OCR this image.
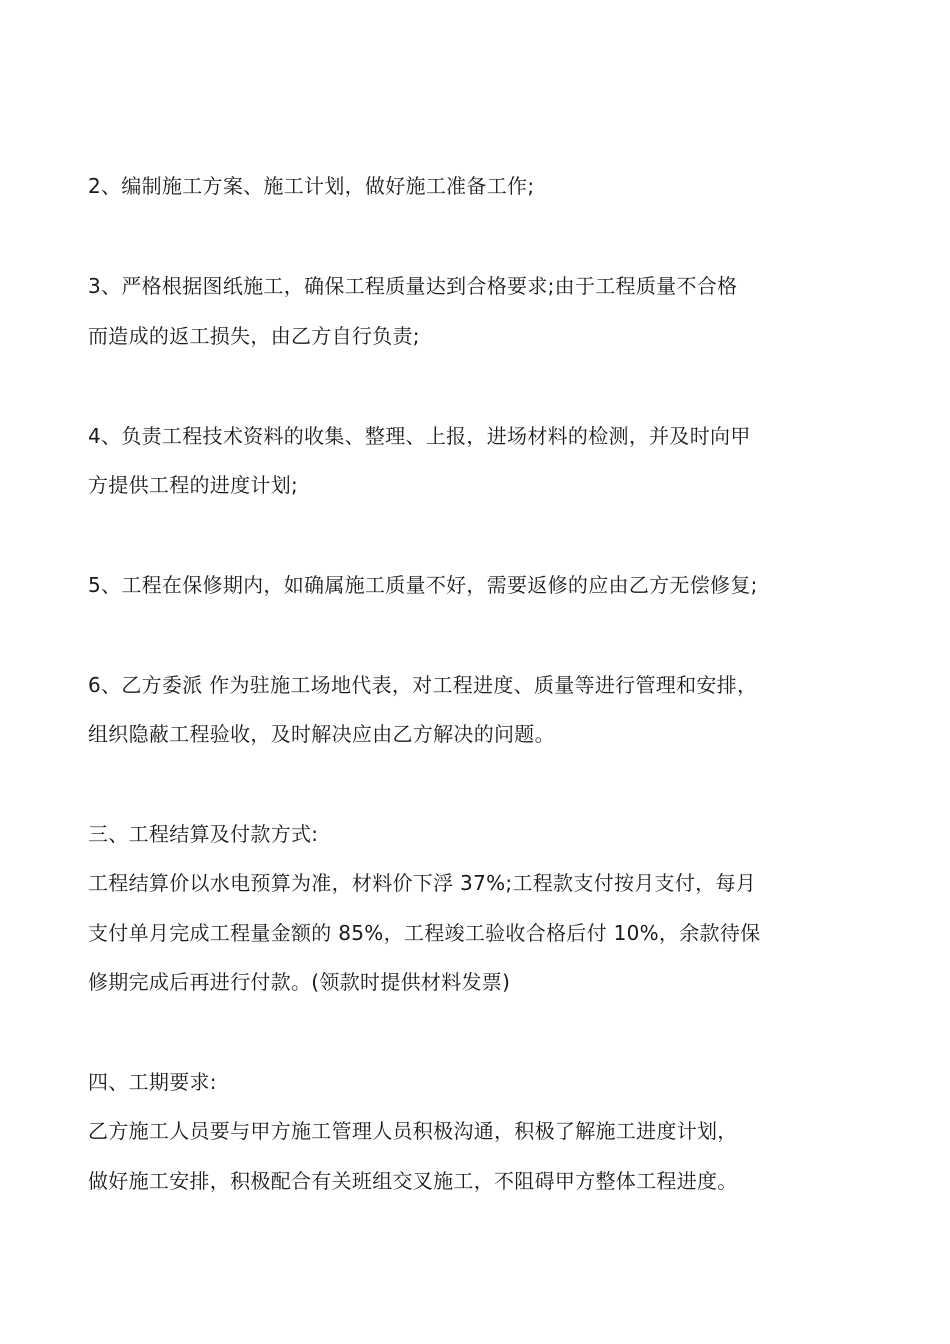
2、编制施工方案、施工计划，做好施工准备工作;
3、严格根据图纸施工，确保工程质量达到合格要求;由于工程质量不合格
而造成的返工损失，由乙方自行负责;
4、负责工程技术资料的收集、整理、上报，进场材料的检测，并及时向甲
方提供工程的进度计划;
5、工程在保修期内，如确属施工质量不好，需要返修的应由乙方无偿修复;
6、乙方委派 作为驻施工场地代表，对工程进度、质量等进行管理和安排，
组织隐蔽工程验收，及时解决应由乙方解决的问题。
三、工程结算及付款方式:
工程结算价以水电预算为准，材料价下浮 37%;工程款支付按月支付，每月
支付单月完成工程量金额的 85%，工程竣工验收合格后付 10%，余款待保
修期完成后再进行付款。(领款时提供材料发票)
四、工期要求:
乙方施工人员要与甲方施工管理人员积极沟通，积极了解施工进度计划，
做好施工安排，积极配合有关班组交叉施工，不阻碍甲方整体工程进度。
